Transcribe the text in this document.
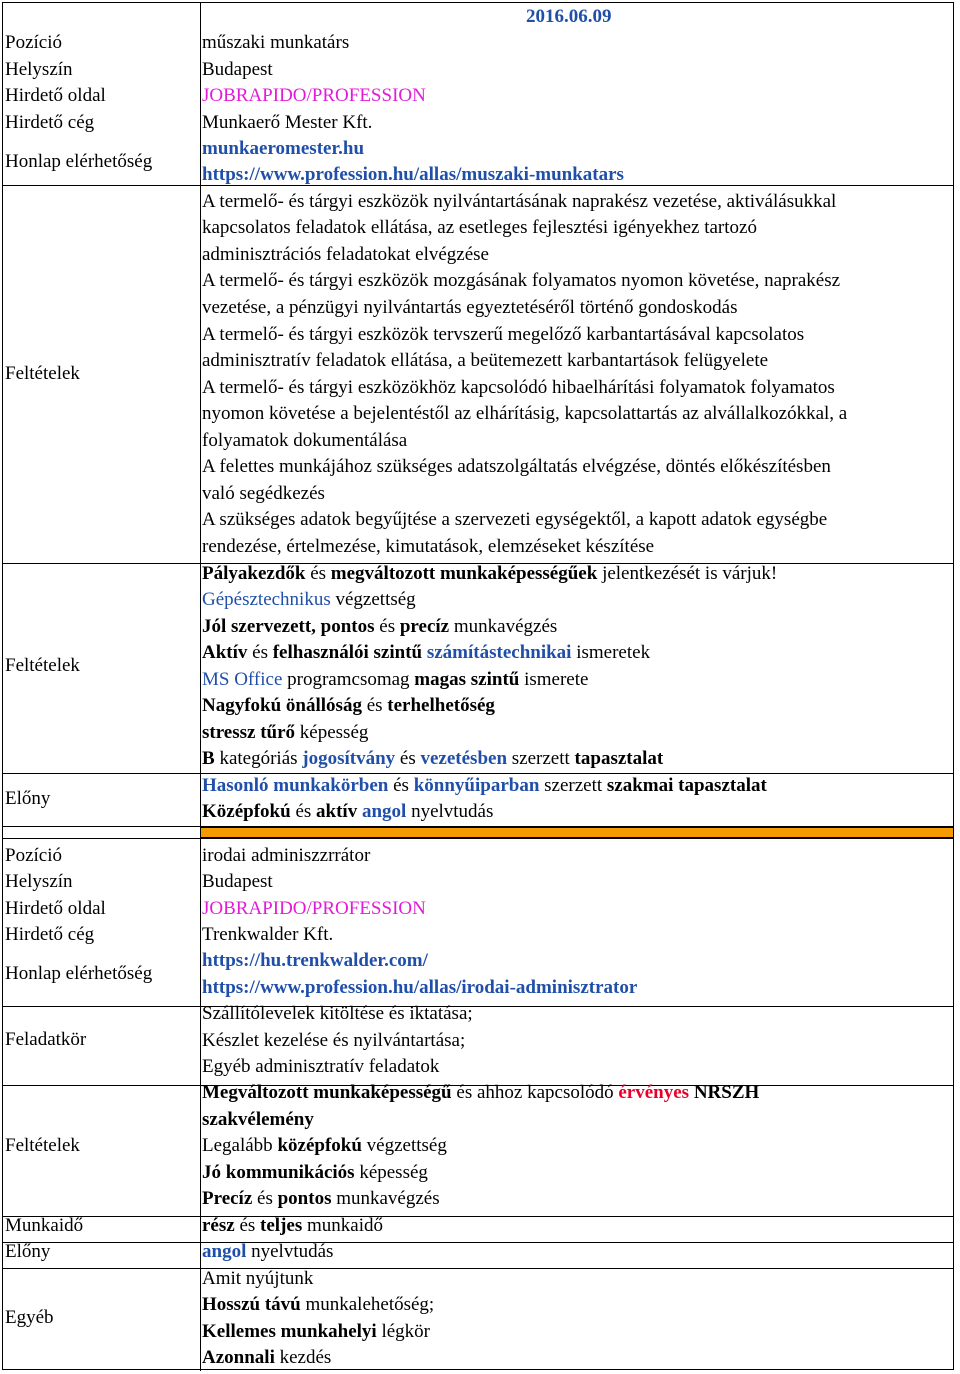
2016.06.09
Pozíció
Helyszín
Hirdető oldal
Hirdető cég
Honlap elérhetőség
Feltételek
Feltételek
Előny
műszaki munkatárs
Budapest
JOBRAPIDO/PROFESSION
Munkaerő Mester Kft.
munkaeromester.hu
https://www.profession.hu/allas/muszaki-munkatars
A termelő- és tárgyi eszközök nyilvántartásának naprakész vezetése, aktiválásukkal
kapcsolatos feladatok ellátása, az esetleges fejlesztési igényekhez tartozó
adminisztrációs feladatokat elvégzése
A termelő- és tárgyi eszközök mozgásának folyamatos nyomon követése, naprakész
vezetése, a pénzügyi nyilvántartás egyeztetéséről történő gondoskodás
A termelő- és tárgyi eszközök tervszerű megelőző karbantartásával kapcsolatos
adminisztratív feladatok ellátása, a beütemezett karbantartások felügyelete
A termelő- és tárgyi eszközökhöz kapcsolódó hibaelhárítási folyamatok folyamatos
nyomon követése a bejelentéstől az elhárításig, kapcsolattartás az alvállalkozókkal, a
folyamatok dokumentálása
A felettes munkájához szükséges adatszolgáltatás elvégzése, döntés előkészítésben
való segédkezés
A szükséges adatok begyűjtése a szervezeti egységektől, a kapott adatok egységbe
rendezése, értelmezése, kimutatások, elemzéseket készítése
Pályakezdők és megváltozott munkaképességűek jelentkezését is várjuk!
Gépésztechnikus végzettség
Jól szervezett, pontos és precíz munkavégzés
Aktív és felhasználói szintű számítástechnikai ismeretek
MS Office programcsomag magas szintű ismerete
Nagyfokú önállóság és terhelhetőség
stressz tűrő képesség
B kategóriás jogosítvány és vezetésben szerzett tapasztalat
Hasonló munkakörben és könnyűiparban szerzett szakmai tapasztalat
Középfokú és aktív angol nyelvtudás
Pozíció
Helyszín
Hirdető oldal
Hirdető cég
Honlap elérhetőség
Feladatkör
Feltételek
Munkaidő
Előny
Egyéb
irodai adminiszzrrátor
Budapest
JOBRAPIDO/PROFESSION
Trenkwalder Kft.
https://hu.trenkwalder.com/
https://www.profession.hu/allas/irodai-adminisztrator
Szállítólevelek kitöltése és iktatása;
Készlet kezelése és nyilvántartása;
Egyéb adminisztratív feladatok
Megváltozott munkaképességű és ahhoz kapcsolódó érvényes NRSZH
szakvélemény
Legalább középfokú végzettség
Jó kommunikációs képesség
Precíz és pontos munkavégzés
rész és teljes munkaidő
angol nyelvtudás
Amit nyújtunk
Hosszú távú munkalehetőség;
Kellemes munkahelyi légkör
Azonnali kezdés
